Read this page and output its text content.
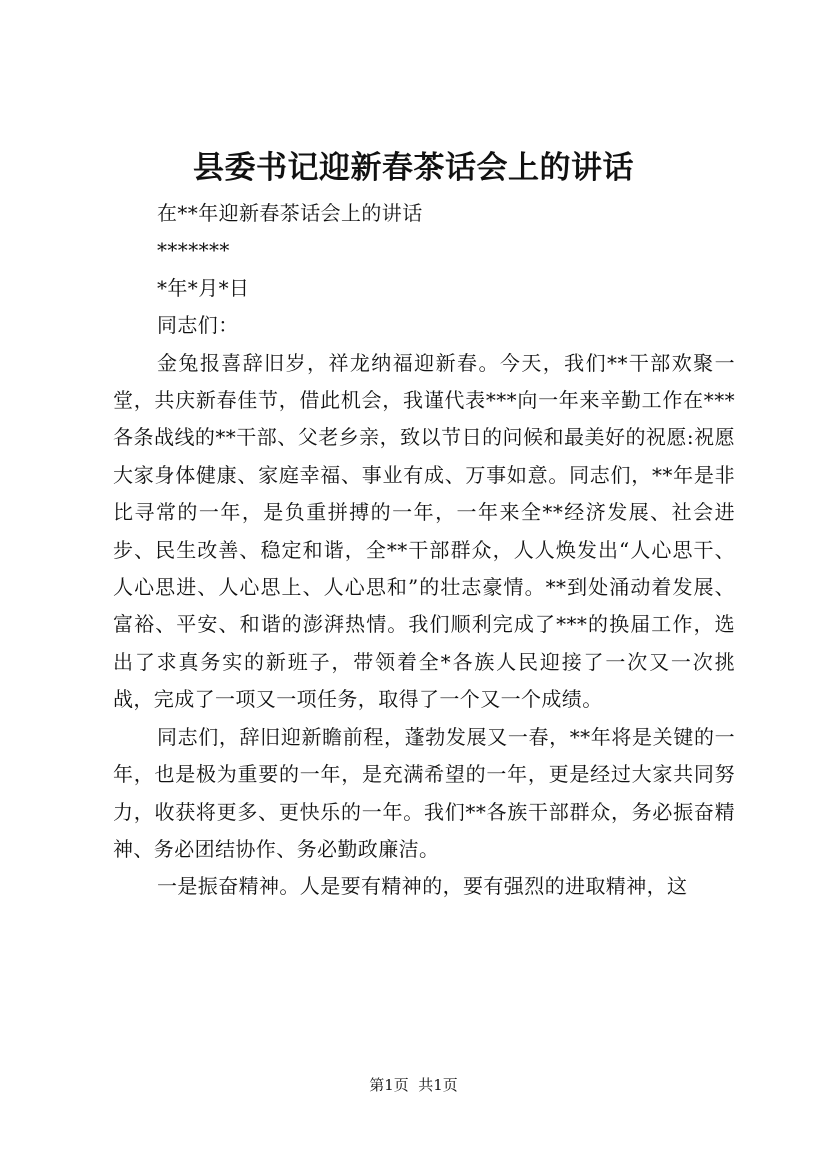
县委书记迎新春茶话会上的讲话

在**年迎新春茶话会上的讲话

*******

*年*月*日

同志们：

金兔报喜辞旧岁，祥龙纳福迎新春。今天，我们**干部欢聚一堂，共庆新春佳节，借此机会，我谨代表***向一年来辛勤工作在***各条战线的**干部、父老乡亲，致以节日的问候和最美好的祝愿:祝愿大家身体健康、家庭幸福、事业有成、万事如意。同志们，**年是非比寻常的一年，是负重拼搏的一年，一年来全**经济发展、社会进步、民生改善、稳定和谐，全**干部群众，人人焕发出“人心思干、人心思进、人心思上、人心思和”的壮志豪情。**到处涌动着发展、富裕、平安、和谐的澎湃热情。我们顺利完成了***的换届工作，选出了求真务实的新班子，带领着全*各族人民迎接了一次又一次挑战，完成了一项又一项任务，取得了一个又一个成绩。

同志们，辞旧迎新瞻前程，蓬勃发展又一春，**年将是关键的一年，也是极为重要的一年，是充满希望的一年，更是经过大家共同努力，收获将更多、更快乐的一年。我们**各族干部群众，务必振奋精神、务必团结协作、务必勤政廉洁。

一是振奋精神。人是要有精神的，要有强烈的进取精神，这

第1页  共1页
